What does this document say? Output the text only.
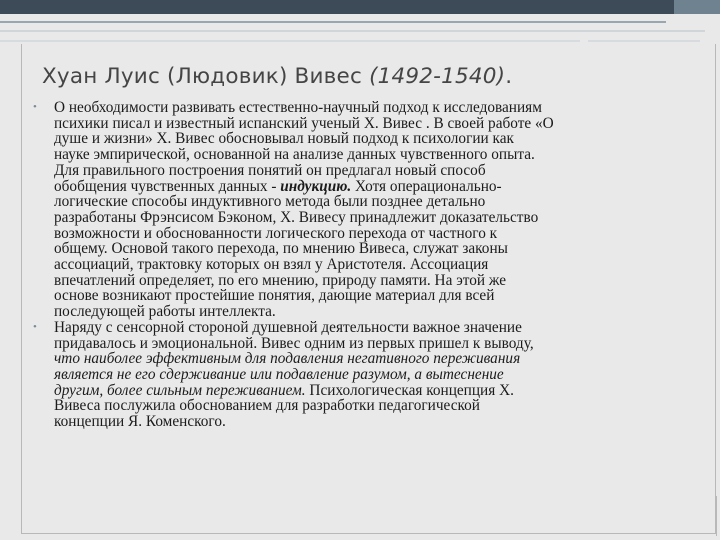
Хуан Луис (Людовик) Вивес (1492-1540).
• О необходимости развивать естественно-научный подход к исследованиям
психики писал и известный испанский ученый Х. Вивес . В своей работе «О
душе и жизни» Х. Вивес обосновывал новый подход к психологии как
науке эмпирической, основанной на анализе данных чувственного опыта.
Для правильного построения понятий он предлагал новый способ
обобщения чувственных данных - индукцию. Хотя операционально-
логические способы индуктивного метода были позднее детально
разработаны Фрэнсисом Бэконом, Х. Вивесу принадлежит доказательство
возможности и обоснованности логического перехода от частного к
общему. Основой такого перехода, по мнению Вивеса, служат законы
ассоциаций, трактовку которых он взял у Аристотеля. Ассоциация
впечатлений определяет, по его мнению, природу памяти. На этой же
основе возникают простейшие понятия, дающие материал для всей
последующей работы интеллекта.
• Наряду с сенсорной стороной душевной деятельности важное значение
придавалось и эмоциональной. Вивес одним из первых пришел к выводу,
что наиболее эффективным для подавления негативного переживания
является не его сдерживание или подавление разумом, а вытеснение
другим, более сильным переживанием. Психологическая концепция Х.
Вивеса послужила обоснованием для разработки педагогической
концепции Я. Коменского.
